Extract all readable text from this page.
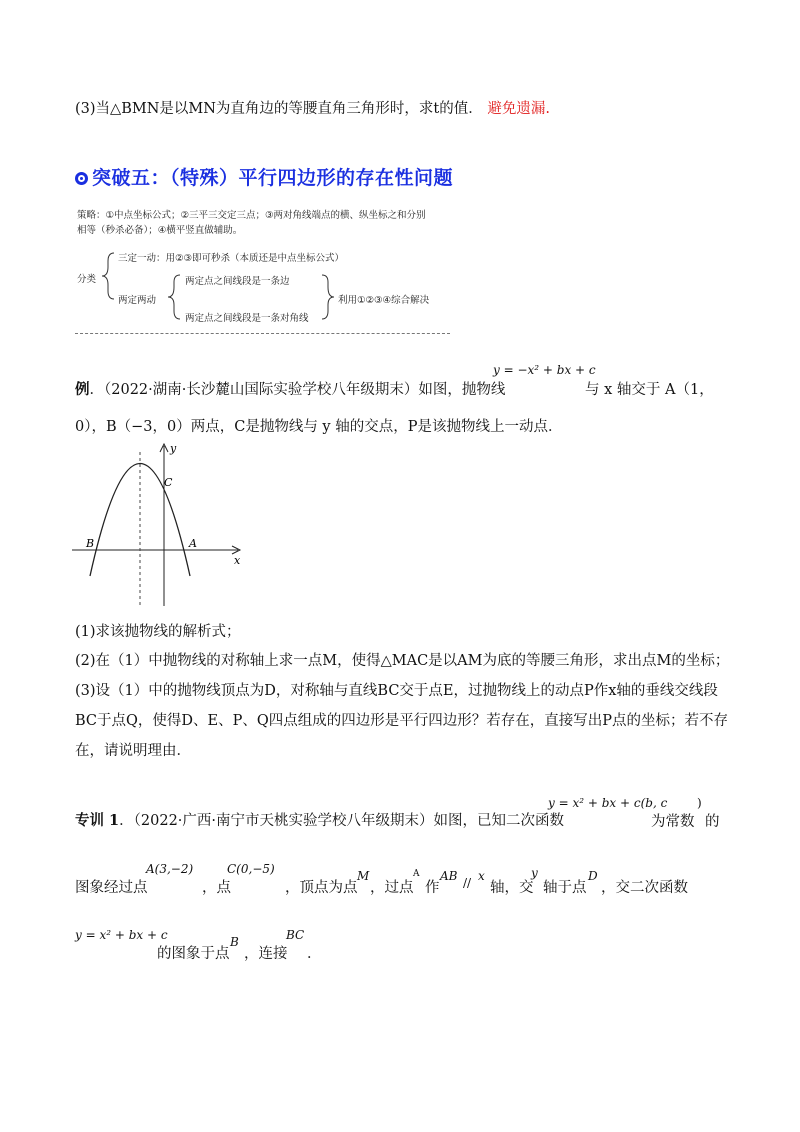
(3)当△BMN是以MN为直角边的等腰直角三角形时，求t的值． 避免遗漏.
突破五：（特殊）平行四边形的存在性问题
策略：①中点坐标公式；②三平三交定三点；③两对角线端点的横、纵坐标之和分别
相等（秒杀必备）；④横平竖直做辅助。
分类
三定一动：用②③即可秒杀（本质还是中点坐标公式）
两定两动
两定点之间线段是一条边
两定点之间线段是一条对角线
利用①②③④综合解决
例．（2022·湖南·长沙麓山国际实验学校八年级期末）如图，抛物线
y = −x² + bx + c
与 x 轴交于 A（1，
0），B（−3，0）两点，C是抛物线与 y 轴的交点，P是该抛物线上一动点．
y
x
B	A
C
(1)求该抛物线的解析式；
(2)在（1）中抛物线的对称轴上求一点M，使得△MAC是以AM为底的等腰三角形，求出点M的坐标；
(3)设（1）中的抛物线顶点为D，对称轴与直线BC交于点E，过抛物线上的动点P作x轴的垂线交线段
BC于点Q，使得D、E、P、Q四点组成的四边形是平行四边形？若存在，直接写出P点的坐标；若不存
在，请说明理由．
专训 1．（2022·广西·南宁市天桃实验学校八年级期末）如图，已知二次函数
y = x² + bx + c(b, c
为常数
)
的
图象经过点
A(3,−2)
，点
C(0,−5)
，顶点为点
M
，过点
A
作
AB // x
轴，交
y
轴于点
D
，交二次函数
y = x² + bx + c
的图象于点
B
，连接
BC
．
